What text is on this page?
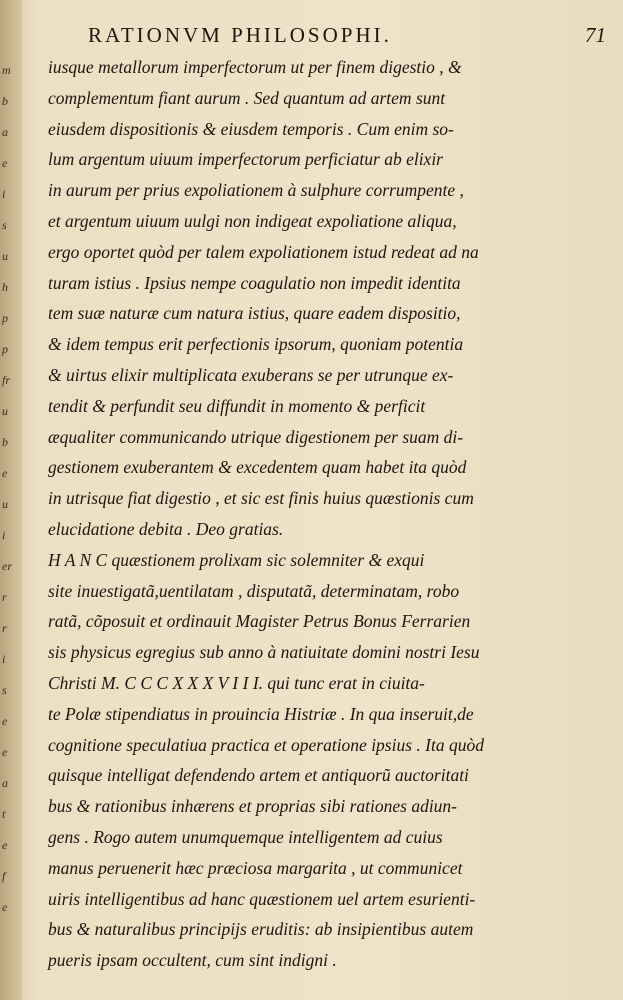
m
b
a
e
i
s
u
h
p
p
fr
u
b
e
u
i
er
r
r
i
s
e
e
a
t
e
f
e
RATIONVM PHILOSOPHI.	71
iusque metallorum imperfectorum ut per finem digestio , &
complementum fiant aurum . Sed quantum ad artem sunt
eiusdem dispositionis & eiusdem temporis . Cum enim so-
lum argentum uiuum imperfectorum perficiatur ab elixir
in aurum per prius expoliationem à sulphure corrumpente ,
et argentum uiuum uulgi non indigeat expoliatione aliqua,
ergo oportet quòd per talem expoliationem istud redeat ad na
turam istius . Ipsius nempe coagulatio non impedit identita
tem suæ naturæ cum natura istius, quare eadem dispositio,
& idem tempus erit perfectionis ipsorum, quoniam potentia
& uirtus elixir multiplicata exuberans se per utrunque ex-
tendit & perfundit seu diffundit in momento & perficit
æqualiter communicando utrique digestionem per suam di-
gestionem exuberantem & excedentem quam habet ita quòd
in utrisque fiat digestio , et sic est finis huius quæstionis cum
elucidatione debita . Deo gratias.
H A N C quæstionem prolixam sic solemniter & exqui
site inuestigatã,uentilatam , disputatã, determinatam, robo
ratã, cõposuit et ordinauit Magister Petrus Bonus Ferrarien
sis physicus egregius sub anno à natiuitate domini nostri Iesu
Christi M. C C C X X X V I I I. qui tunc erat in ciuita-
te Polæ stipendiatus in prouincia Histriæ . In qua inseruit,de
cognitione speculatiua practica et operatione ipsius . Ita quòd
quisque intelligat defendendo artem et antiquorũ auctoritati
bus & rationibus inhærens et proprias sibi rationes adiun-
gens . Rogo autem unumquemque intelligentem ad cuius
manus peruenerit hæc præciosa margarita , ut communicet
uiris intelligentibus ad hanc quæstionem uel artem esurienti-
bus & naturalibus principijs eruditis: ab insipientibus autem
pueris ipsam occultent, cum sint indigni .
